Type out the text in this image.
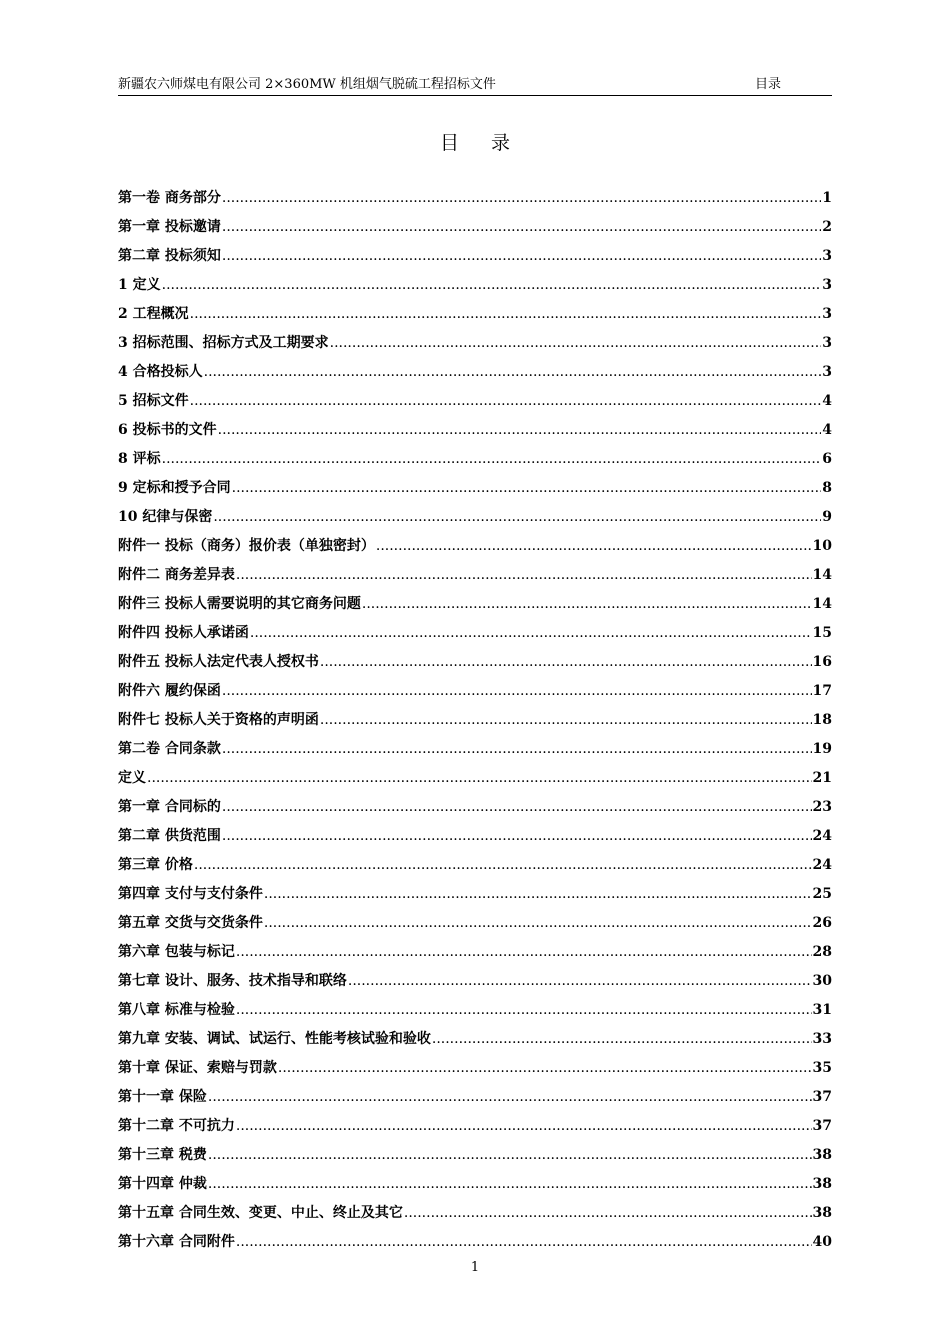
新疆农六师煤电有限公司 2×360MW 机组烟气脱硫工程招标文件	目录
目 录
第一卷 商务部分 .....	1
第一章 投标邀请 .....	2
第二章 投标须知 .....	3
1 定义 .....	3
2 工程概况 .....	3
3 招标范围、招标方式及工期要求 .....	3
4 合格投标人 .....	3
5 招标文件 .....	4
6 投标书的文件 .....	4
8 评标 .....	6
9 定标和授予合同 .....	8
10 纪律与保密 .....	9
附件一 投标（商务）报价表（单独密封） .....	10
附件二 商务差异表 .....	14
附件三 投标人需要说明的其它商务问题 .....	14
附件四 投标人承诺函 .....	15
附件五 投标人法定代表人授权书 .....	16
附件六 履约保函 .....	17
附件七 投标人关于资格的声明函 .....	18
第二卷 合同条款 .....	19
定义 .....	21
第一章 合同标的 .....	23
第二章 供货范围 .....	24
第三章 价格 .....	24
第四章 支付与支付条件 .....	25
第五章 交货与交货条件 .....	26
第六章 包装与标记 .....	28
第七章 设计、服务、技术指导和联络 .....	30
第八章 标准与检验 .....	31
第九章 安装、调试、试运行、性能考核试验和验收 .....	33
第十章 保证、索赔与罚款 .....	35
第十一章 保险 .....	37
第十二章 不可抗力 .....	37
第十三章 税费 .....	38
第十四章 仲裁 .....	38
第十五章 合同生效、变更、中止、终止及其它 .....	38
第十六章 合同附件 .....	40
1
